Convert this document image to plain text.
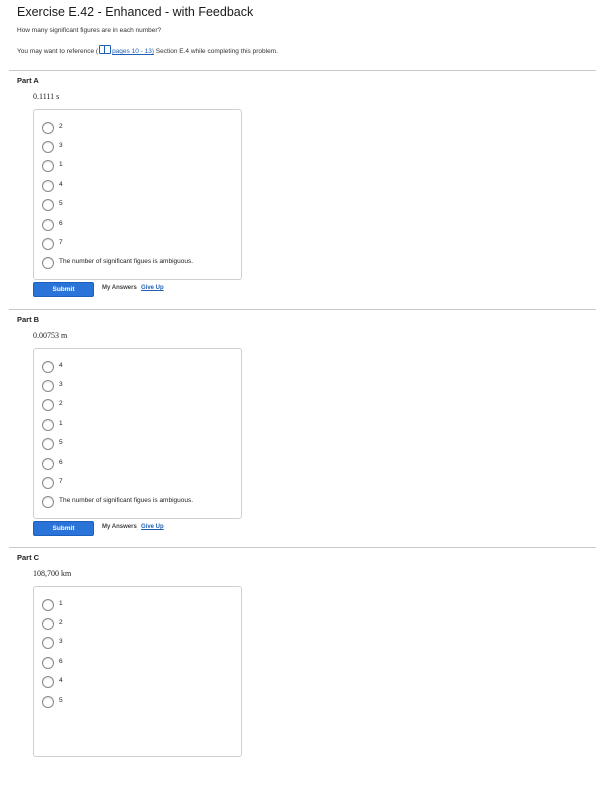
Exercise E.42 - Enhanced - with Feedback
How many significant figures are in each number?
You may want to reference ( pages 10 - 13) Section E.4 while completing this problem.
Part A
0.1111 s
2
3
1
4
5
6
7
The number of significant figues is ambiguous.
Submit	My Answers Give Up
Part B
0.00753 m
4
3
2
1
5
6
7
The number of significant figues is ambiguous.
Submit	My Answers Give Up
Part C
108,700 km
1
2
3
6
4
5
